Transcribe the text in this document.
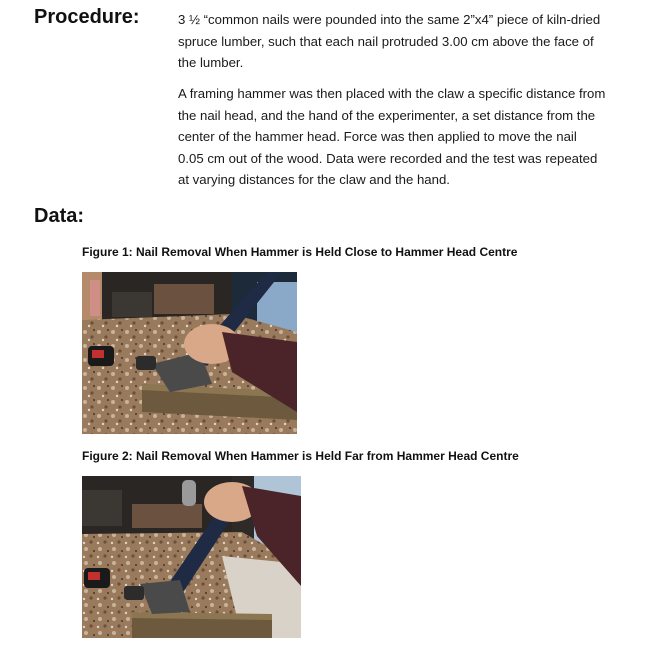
Procedure:	3 ½ “common nails were pounded into the same 2”x4” piece of kiln-dried
spruce lumber, such that each nail protruded 3.00 cm above the face of
the lumber.
A framing hammer was then placed with the claw a specific distance from
the nail head, and the hand of the experimenter, a set distance from the
center of the hammer head. Force was then applied to move the nail
0.05 cm out of the wood. Data were recorded and the test was repeated
at varying distances for the claw and the hand.
Data:
Figure 1: Nail Removal When Hammer is Held Close to Hammer Head Centre
Figure 2: Nail Removal When Hammer is Held Far from Hammer Head Centre
